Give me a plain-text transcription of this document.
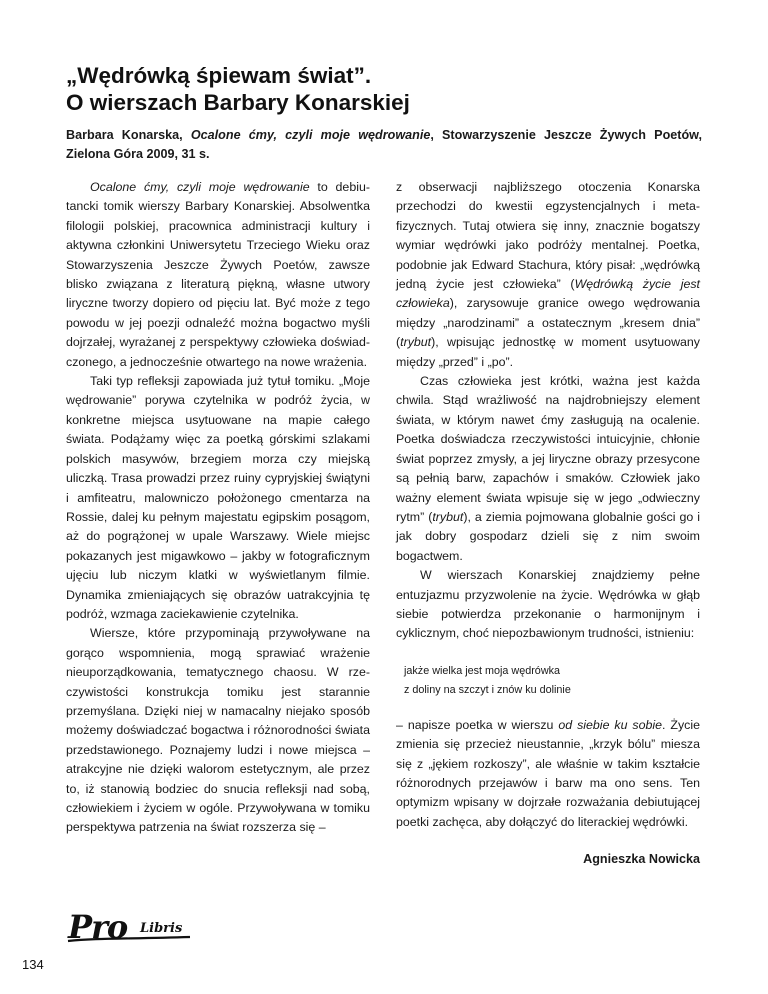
„Wędrówką śpiewam świat”.
O wierszach Barbary Konarskiej
Barbara Konarska, Ocalone ćmy, czyli moje wędrowanie, Stowarzyszenie Jeszcze Żywych Poetów, Zielona Góra 2009, 31 s.

Ocalone ćmy, czyli moje wędrowanie to debiutancki tomik wierszy Barbary Konarskiej. Absolwentka filologii polskiej, pracownica administracji kultury i aktywna członkini Uniwersytetu Trzeciego Wieku oraz Stowarzyszenia Jeszcze Żywych Poetów, zawsze blisko związana z literaturą piękną, własne utwory liryczne tworzy dopiero od pięciu lat. Być może z tego powodu w jej poezji odnaleźć można bogactwo myśli dojrzałej, wyrażanej z perspektywy człowieka doświadczonego, a jednocześnie otwartego na nowe wrażenia.

Taki typ refleksji zapowiada już tytuł tomiku. „Moje wędrowanie” porywa czytelnika w podróż życia, w konkretne miejsca usytuowane na mapie całego świata. Podążamy więc za poetką górskimi szlakami polskich masywów, brzegiem morza czy miejską uliczką. Trasa prowadzi przez ruiny cypryjskiej świątyni i amfiteatru, malowniczo położonego cmentarza na Rossie, dalej ku pełnym majestatu egipskim posągom, aż do pogrążonej w upale Warszawy. Wiele miejsc pokazanych jest migawkowo – jakby w fotograficznym ujęciu lub niczym klatki w wyświetlanym filmie. Dynamika zmieniających się obrazów uatrakcyjnia tę podróż, wzmaga zaciekawienie czytelnika.

Wiersze, które przypominają przywoływane na gorąco wspomnienia, mogą sprawiać wrażenie nieuporządkowania, tematycznego chaosu. W rzeczywistości konstrukcja tomiku jest starannie przemyślana. Dzięki niej w namacalny niejako sposób możemy doświadczać bogactwa i różnorodności świata przedstawionego. Poznajemy ludzi i nowe miejsca – atrakcyjne nie dzięki walorom estetycznym, ale przez to, iż stanowią bodziec do snucia refleksji nad sobą, człowiekiem i życiem w ogóle. Przywoływana w tomiku perspektywa patrzenia na świat rozszerza się –

z obserwacji najbliższego otoczenia Konarska przechodzi do kwestii egzystencjalnych i metafizycznych. Tutaj otwiera się inny, znacznie bogatszy wymiar wędrówki jako podróży mentalnej. Poetka, podobnie jak Edward Stachura, który pisał: „wędrówką jedną życie jest człowieka” (Wędrówką życie jest człowieka), zarysowuje granice owego wędrowania między „narodzinami” a ostatecznym „kresem dnia” (trybut), wpisując jednostkę w moment usytuowany między „przed” i „po”.

Czas człowieka jest krótki, ważna jest każda chwila. Stąd wrażliwość na najdrobniejszy element świata, w którym nawet ćmy zasługują na ocalenie. Poetka doświadcza rzeczywistości intuicyjnie, chłonie świat poprzez zmysły, a jej liryczne obrazy przesycone są pełnią barw, zapachów i smaków. Człowiek jako ważny element świata wpisuje się w jego „odwieczny rytm” (trybut), a ziemia pojmowana globalnie gości go i jak dobry gospodarz dzieli się z nim swoim bogactwem.

W wierszach Konarskiej znajdziemy pełne entuzjazmu przyzwolenie na życie. Wędrówka w głąb siebie potwierdza przekonanie o harmonijnym i cyklicznym, choć niepozbawionym trudności, istnieniu:

jakże wielka jest moja wędrówka
z doliny na szczyt i znów ku dolinie

– napisze poetka w wierszu od siebie ku sobie. Życie zmienia się przecież nieustannie, „krzyk bólu” miesza się z „jękiem rozkoszy”, ale właśnie w takim kształcie różnorodnych przejawów i barw ma ono sens. Ten optymizm wpisany w dojrzałe rozważania debiutującej poetki zachęca, aby dołączyć do literackiej wędrówki.

Agnieszka Nowicka
Pro Libris
134
